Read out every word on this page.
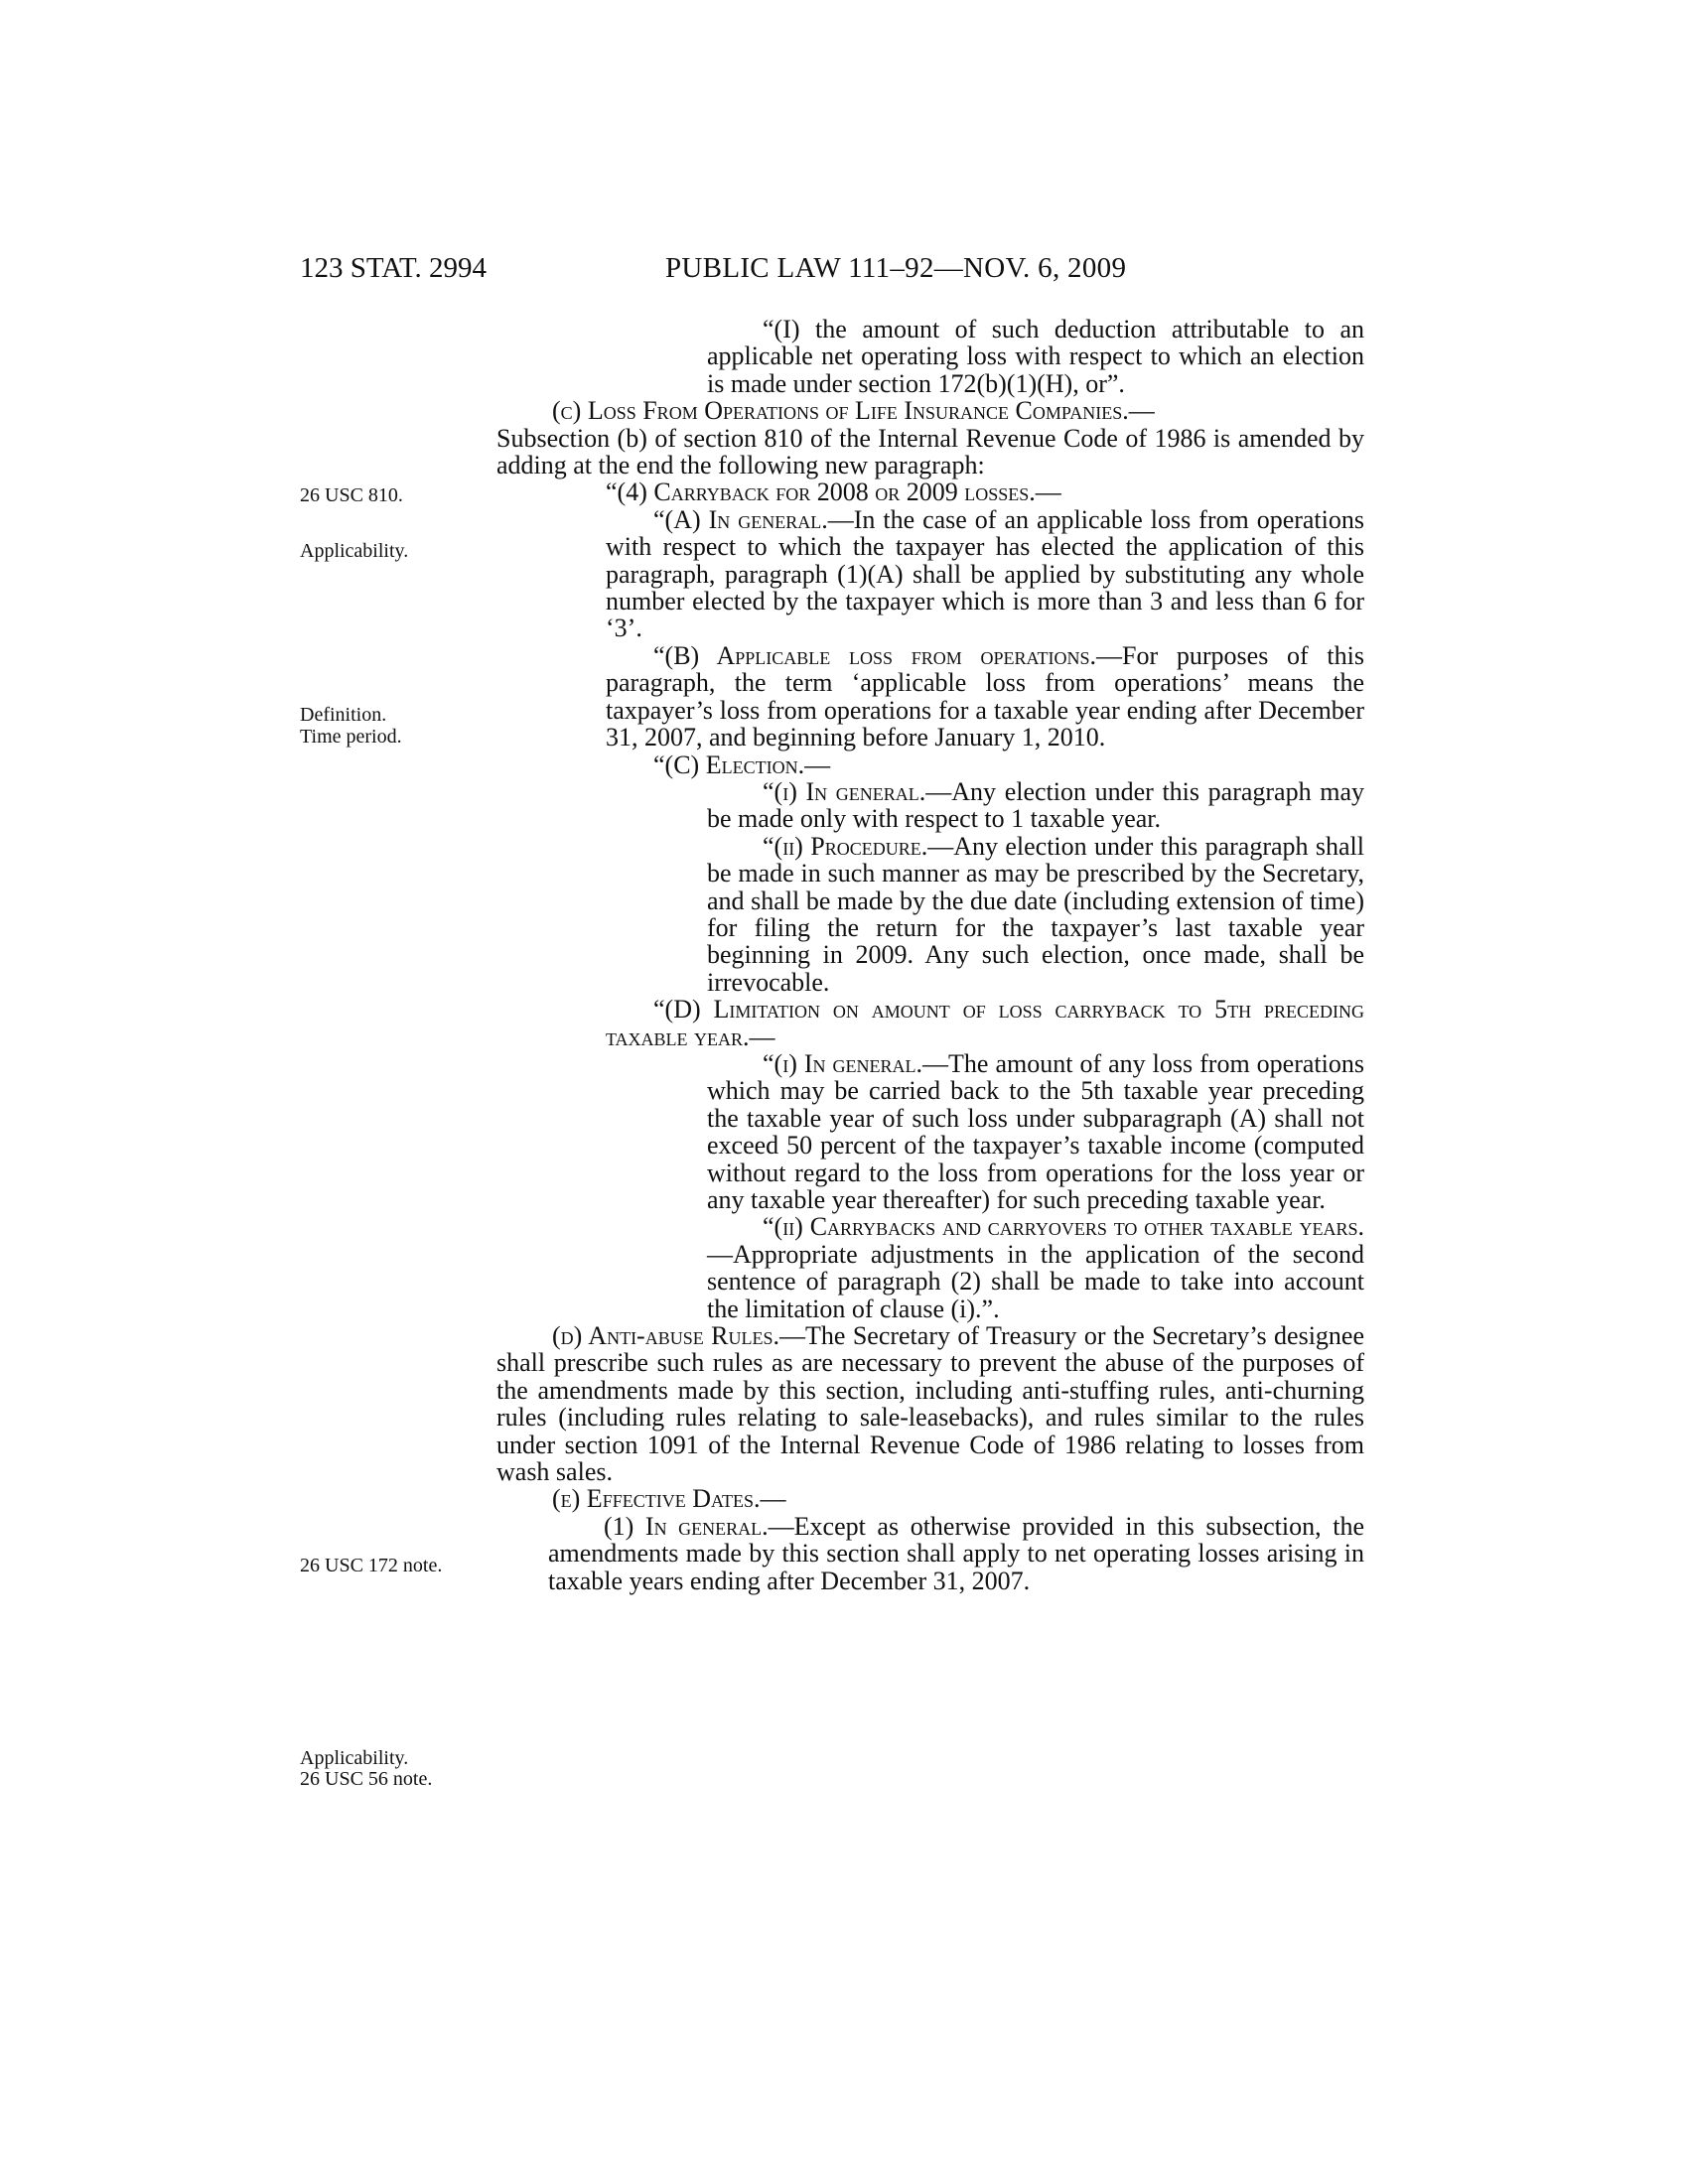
123 STAT. 2994	PUBLIC LAW 111–92—NOV. 6, 2009
26 USC 810.
Applicability.
Definition.
Time period.
26 USC 172 note.
Applicability.
26 USC 56 note.

“(I) the amount of such deduction attributable to an applicable net operating loss with respect to which an election is made under section 172(b)(1)(H), or”.

(c) Loss From Operations of Life Insurance Companies.—

Subsection (b) of section 810 of the Internal Revenue Code of 1986 is amended by adding at the end the following new paragraph:

“(4) Carryback for 2008 or 2009 losses.—

“(A) In general.—In the case of an applicable loss from operations with respect to which the taxpayer has elected the application of this paragraph, paragraph (1)(A) shall be applied by substituting any whole number elected by the taxpayer which is more than 3 and less than 6 for ‘3’.

“(B) Applicable loss from operations.—For purposes of this paragraph, the term ‘applicable loss from operations’ means the taxpayer’s loss from operations for a taxable year ending after December 31, 2007, and beginning before January 1, 2010.

“(C) Election.—

“(i) In general.—Any election under this paragraph may be made only with respect to 1 taxable year.

“(ii) Procedure.—Any election under this paragraph shall be made in such manner as may be prescribed by the Secretary, and shall be made by the due date (including extension of time) for filing the return for the taxpayer’s last taxable year beginning in 2009. Any such election, once made, shall be irrevocable.

“(D) Limitation on amount of loss carryback to 5th preceding taxable year.—

“(i) In general.—The amount of any loss from operations which may be carried back to the 5th taxable year preceding the taxable year of such loss under subparagraph (A) shall not exceed 50 percent of the taxpayer’s taxable income (computed without regard to the loss from operations for the loss year or any taxable year thereafter) for such preceding taxable year.

“(ii) Carrybacks and carryovers to other taxable years.—Appropriate adjustments in the application of the second sentence of paragraph (2) shall be made to take into account the limitation of clause (i).”.

(d) Anti-abuse Rules.—The Secretary of Treasury or the Secretary’s designee shall prescribe such rules as are necessary to prevent the abuse of the purposes of the amendments made by this section, including anti-stuffing rules, anti-churning rules (including rules relating to sale-leasebacks), and rules similar to the rules under section 1091 of the Internal Revenue Code of 1986 relating to losses from wash sales.

(e) Effective Dates.—

(1) In general.—Except as otherwise provided in this subsection, the amendments made by this section shall apply to net operating losses arising in taxable years ending after December 31, 2007.
